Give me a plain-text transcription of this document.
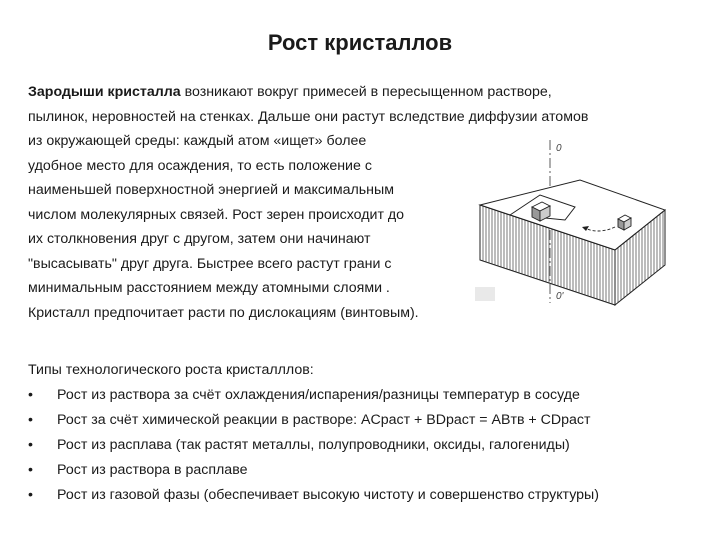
Рост кристаллов
Зародыши кристалла возникают вокруг примесей в пересыщенном растворе,
пылинок, неровностей на стенках. Дальше они растут вследствие диффузии атомов
из окружающей среды: каждый атом «ищет» более
удобное место для осаждения, то есть положение с
наименьшей поверхностной энергией и максимальным
числом молекулярных связей. Рост зерен происходит до
их столкновения друг с другом, затем они начинают
"высасывать" друг друга. Быстрее всего растут грани с
минимальным расстоянием между атомными слоями .
Кристалл предпочитает расти по дислокациям (винтовым).
0
0'
Типы технологического роста кристалллов:
• Рост из раствора за счёт охлаждения/испарения/разницы температур в сосуде
• Рост за счёт химической реакции в растворе: ACраст + BDраст = ABтв + CDраст
• Рост из расплава (так растят металлы, полупроводники, оксиды, галогениды)
• Рост из раствора в расплаве
• Рост из газовой фазы (обеспечивает высокую чистоту и совершенство структуры)
